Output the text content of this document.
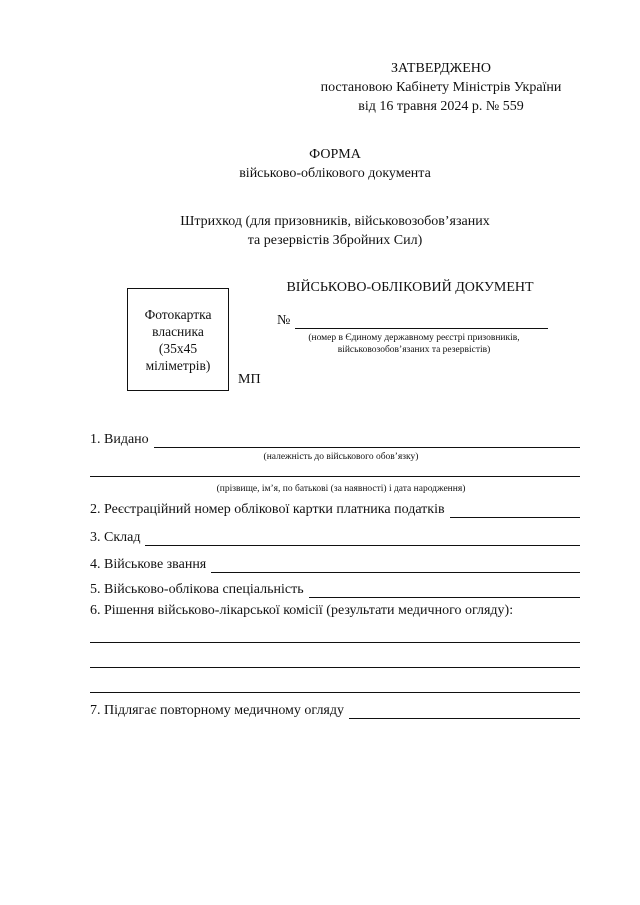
ЗАТВЕРДЖЕНО
постановою Кабінету Міністрів України
від 16 травня 2024 р. № 559
ФОРМА
військово-облікового документа
Штрихкод (для призовників, військовозобов’язаних
та резервістів Збройних Сил)
Фотокартка
власника
(35х45
міліметрів)
ВІЙСЬКОВО-ОБЛІКОВИЙ ДОКУМЕНТ
№
(номер в Єдиному державному реєстрі призовників,
військовозобов’язаних та резервістів)
МП
1. Видано
(належність до військового обов’язку)
(прізвище, ім’я, по батькові (за наявності) і дата народження)
2. Реєстраційний номер облікової картки платника податків
3. Склад
4. Військове звання
5. Військово-облікова спеціальність
6. Рішення військово-лікарської комісії (результати медичного огляду):
7. Підлягає повторному медичному огляду
